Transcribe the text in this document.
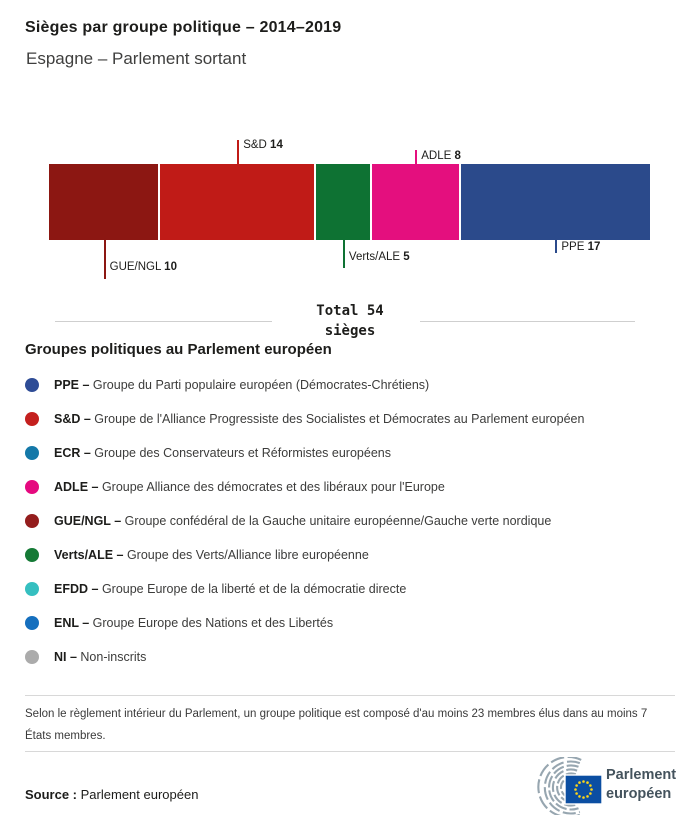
Sièges par groupe politique – 2014–2019
Espagne – Parlement sortant
GUE/NGL 10
S&D 14
Verts/ALE 5
ADLE 8
PPE 17
Total 54
sièges
Groupes politiques au Parlement européen
PPE – Groupe du Parti populaire européen (Démocrates-Chrétiens)
S&D – Groupe de l'Alliance Progressiste des Socialistes et Démocrates au Parlement européen
ECR – Groupe des Conservateurs et Réformistes européens
ADLE – Groupe Alliance des démocrates et des libéraux pour l'Europe
GUE/NGL – Groupe confédéral de la Gauche unitaire européenne/Gauche verte nordique
Verts/ALE – Groupe des Verts/Alliance libre européenne
EFDD – Groupe Europe de la liberté et de la démocratie directe
ENL – Groupe Europe des Nations et des Libertés
NI – Non-inscrits
Selon le règlement intérieur du Parlement, un groupe politique est composé d'au moins 23 membres élus dans au moins 7 États membres.
Source : Parlement européen
Parlement
européen
